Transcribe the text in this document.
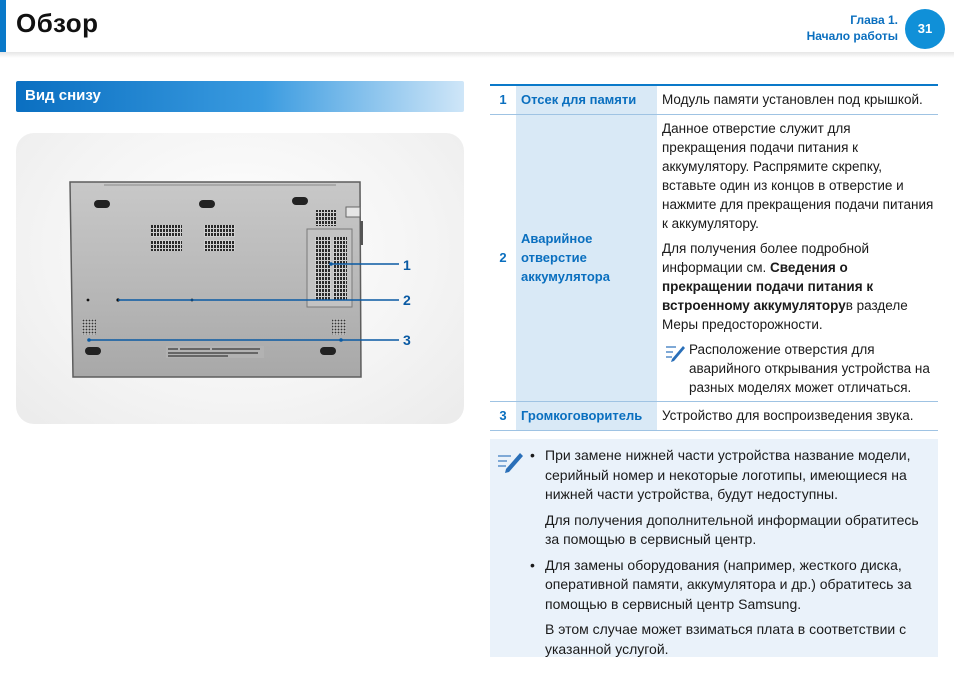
Обзор	Глава 1.
Начало работы	31
Вид снизу
1
2
3
1	Отсек для памяти	Модуль памяти установлен под крышкой.
2	Аварийное отверстие аккумулятора	Данное отверстие служит для прекращения подачи питания к аккумулятору. Распрямите скрепку, вставьте один из концов в отверстие и нажмите для прекращения подачи питания к аккумулятору.

Для получения более подробной информации см. Сведения о прекращении подачи питания к встроенному аккумуляторув разделе Меры предосторожности.

Расположение отверстия для аварийного открывания устройства на разных моделях может отличаться.

3	Громкоговоритель	Устройство для воспроизведения звука.
• При замене нижней части устройства название модели, серийный номер и некоторые логотипы, имеющиеся на нижней части устройства, будут недоступны.
Для получения дополнительной информации обратитесь за помощью в сервисный центр.
• Для замены оборудования (например, жесткого диска, оперативной памяти, аккумулятора и др.) обратитесь за помощью в сервисный центр Samsung.
В этом случае может взиматься плата в соответствии с указанной услугой.
